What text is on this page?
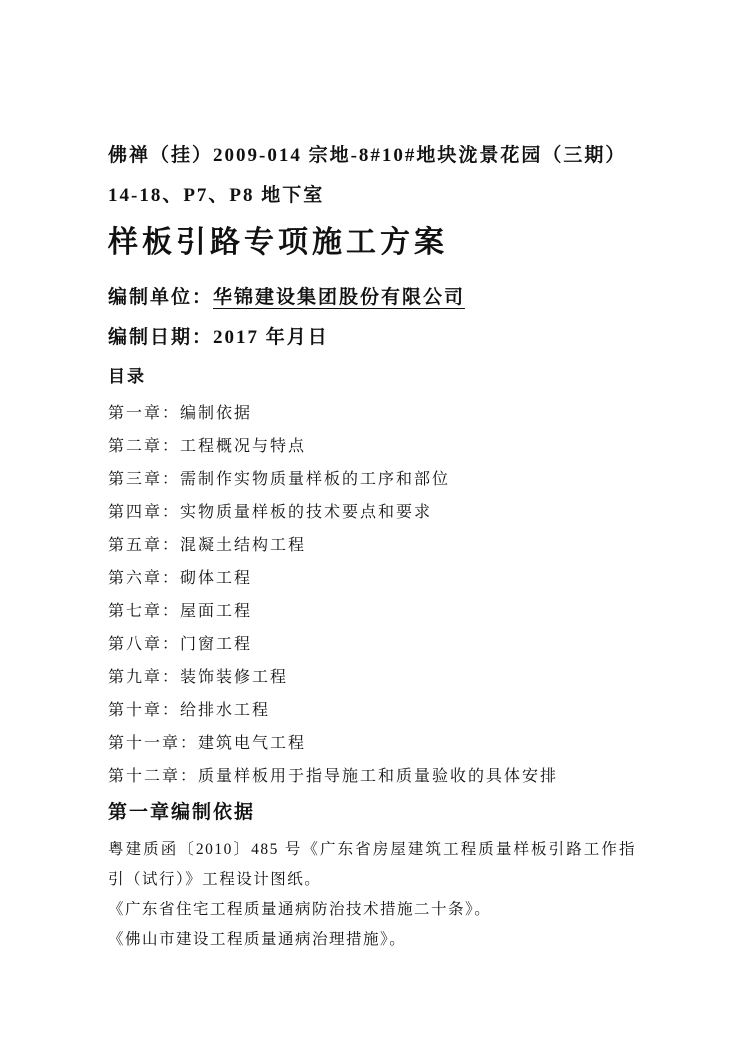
佛禅（挂）2009-014 宗地-8#10#地块泷景花园（三期）

14-18、P7、P8 地下室

样板引路专项施工方案

编制单位：华锦建设集团股份有限公司

编制日期：2017 年月日

目录
第一章：编制依据
第二章：工程概况与特点
第三章：需制作实物质量样板的工序和部位
第四章：实物质量样板的技术要点和要求
第五章：混凝土结构工程
第六章：砌体工程
第七章：屋面工程
第八章：门窗工程
第九章：装饰装修工程
第十章：给排水工程
第十一章：建筑电气工程
第十二章：质量样板用于指导施工和质量验收的具体安排
第一章编制依据

粤建质函〔2010〕485 号《广东省房屋建筑工程质量样板引路工作指引（试行）》工程设计图纸。

《广东省住宅工程质量通病防治技术措施二十条》。

《佛山市建设工程质量通病治理措施》。
